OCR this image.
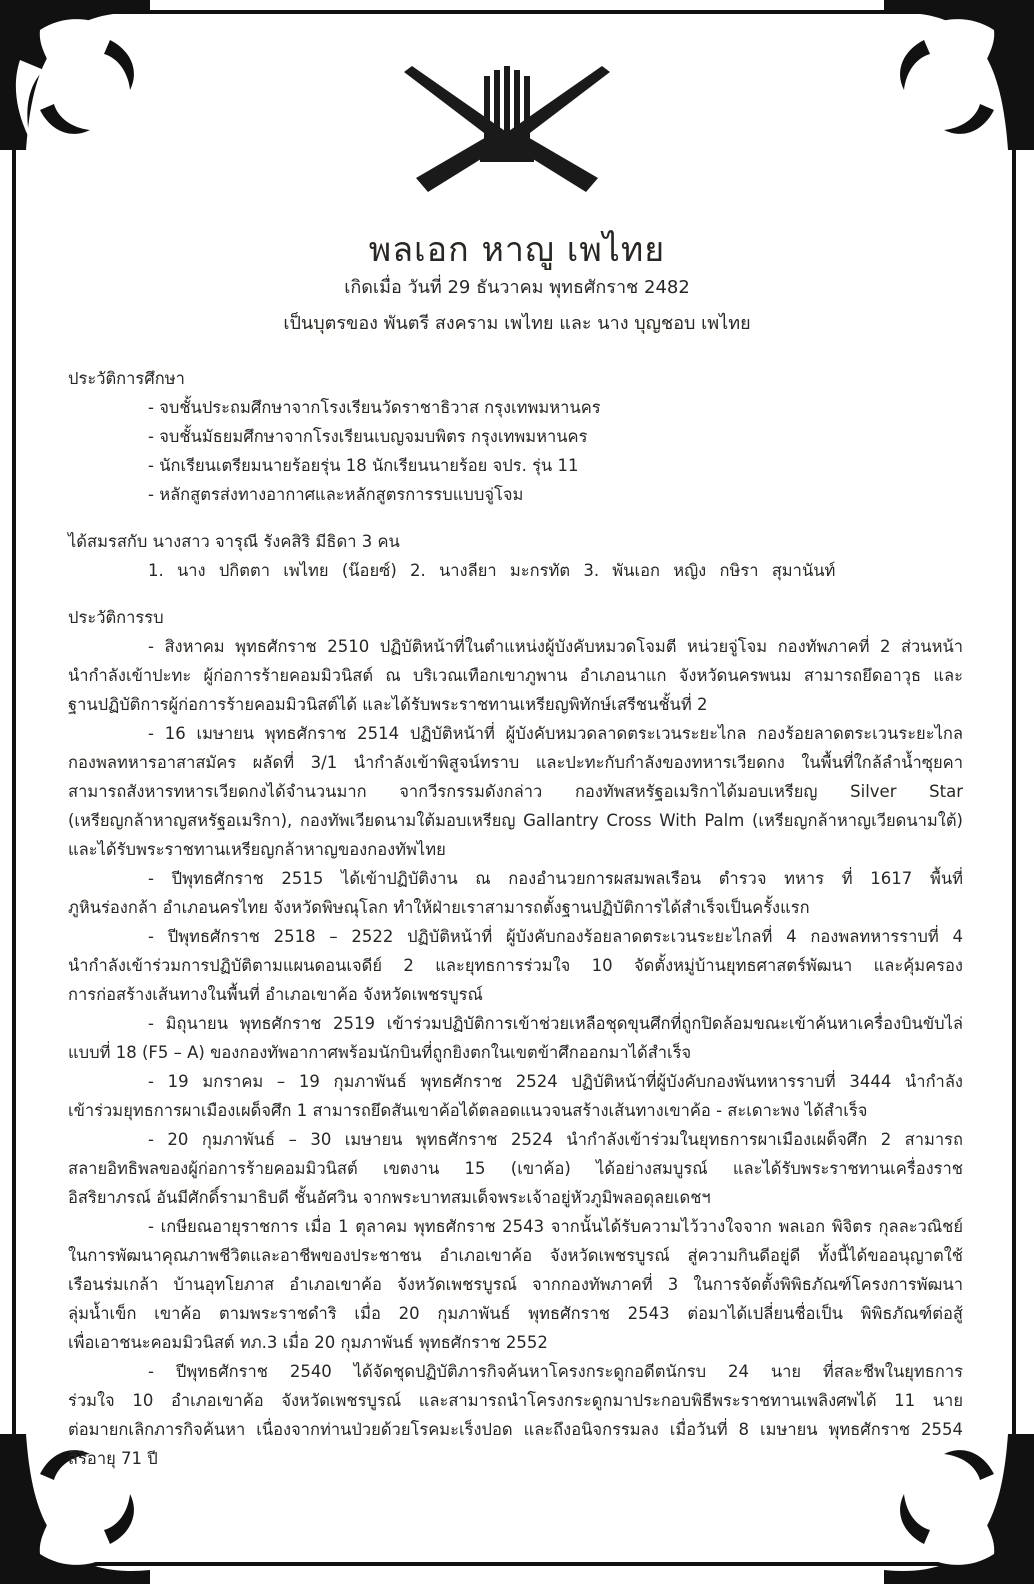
พลเอก หาญู เพไทย
เกิดเมื่อ วันที่ 29 ธันวาคม พุทธศักราช 2482
เป็นบุตรของ พันตรี สงคราม เพไทย และ นาง บุญชอบ เพไทย
ประวัติการศึกษา
- จบชั้นประถมศึกษาจากโรงเรียนวัดราชาธิวาส กรุงเทพมหานคร
- จบชั้นมัธยมศึกษาจากโรงเรียนเบญจมบพิตร กรุงเทพมหานคร
- นักเรียนเตรียมนายร้อยรุ่น 18 นักเรียนนายร้อย จปร. รุ่น 11
- หลักสูตรส่งทางอากาศและหลักสูตรการรบแบบจู่โจม
ได้สมรสกับ นางสาว จารุณี รังคสิริ มีธิดา 3 คน
1. นาง ปกิตตา เพไทย (น๊อยซ์) 2. นางลียา มะกรทัต 3. พันเอก หญิง กษิรา สุมานันท์
ประวัติการรบ
- สิงหาคม พุทธศักราช 2510 ปฏิบัติหน้าที่ในตำแหน่งผู้บังคับหมวดโจมตี หน่วยจู่โจม กองทัพภาคที่ 2 ส่วนหน้า
นำกำลังเข้าปะทะ ผู้ก่อการร้ายคอมมิวนิสต์ ณ บริเวณเทือกเขาภูพาน อำเภอนาแก จังหวัดนครพนม สามารถยึดอาวุธ และ
ฐานปฏิบัติการผู้ก่อการร้ายคอมมิวนิสต์ได้ และได้รับพระราชทานเหรียญพิทักษ์เสรีชนชั้นที่ 2
- 16 เมษายน พุทธศักราช 2514 ปฏิบัติหน้าที่ ผู้บังคับหมวดลาดตระเวนระยะไกล กองร้อยลาดตระเวนระยะไกล
กองพลทหารอาสาสมัคร ผลัดที่ 3/1 นำกำลังเข้าพิสูจน์ทราบ และปะทะกับกำลังของทหารเวียดกง ในพื้นที่ใกล้ลำน้ำซุยคา
สามารถสังหารทหารเวียดกงได้จำนวนมาก จากวีรกรรมดังกล่าว กองทัพสหรัฐอเมริกาได้มอบเหรียญ Silver Star
(เหรียญกล้าหาญสหรัฐอเมริกา), กองทัพเวียดนามใต้มอบเหรียญ Gallantry Cross With Palm (เหรียญกล้าหาญเวียดนามใต้)
และได้รับพระราชทานเหรียญกล้าหาญของกองทัพไทย
- ปีพุทธศักราช 2515 ได้เข้าปฏิบัติงาน ณ กองอำนวยการผสมพลเรือน ตำรวจ ทหาร ที่ 1617 พื้นที่
ภูหินร่องกล้า อำเภอนครไทย จังหวัดพิษณุโลก ทำให้ฝ่ายเราสามารถตั้งฐานปฏิบัติการได้สำเร็จเป็นครั้งแรก
- ปีพุทธศักราช 2518 – 2522 ปฏิบัติหน้าที่ ผู้บังคับกองร้อยลาดตระเวนระยะไกลที่ 4 กองพลทหารราบที่ 4
นำกำลังเข้าร่วมการปฏิบัติตามแผนดอนเจดีย์ 2 และยุทธการร่วมใจ 10 จัดตั้งหมู่บ้านยุทธศาสตร์พัฒนา และคุ้มครอง
การก่อสร้างเส้นทางในพื้นที่ อำเภอเขาค้อ จังหวัดเพชรบูรณ์
- มิถุนายน พุทธศักราช 2519 เข้าร่วมปฏิบัติการเข้าช่วยเหลือชุดขุนศึกที่ถูกปิดล้อมขณะเข้าค้นหาเครื่องบินขับไล่
แบบที่ 18 (F5 – A) ของกองทัพอากาศพร้อมนักบินที่ถูกยิงตกในเขตข้าศึกออกมาได้สำเร็จ
- 19 มกราคม – 19 กุมภาพันธ์ พุทธศักราช 2524 ปฏิบัติหน้าที่ผู้บังคับกองพันทหารราบที่ 3444 นำกำลัง
เข้าร่วมยุทธการผาเมืองเผด็จศึก 1 สามารถยึดสันเขาค้อได้ตลอดแนวจนสร้างเส้นทางเขาค้อ - สะเดาะพง ได้สำเร็จ
- 20 กุมภาพันธ์ – 30 เมษายน พุทธศักราช 2524 นำกำลังเข้าร่วมในยุทธการผาเมืองเผด็จศึก 2 สามารถ
สลายอิทธิพลของผู้ก่อการร้ายคอมมิวนิสต์ เขตงาน 15 (เขาค้อ) ได้อย่างสมบูรณ์ และได้รับพระราชทานเครื่องราช
อิสริยาภรณ์ อันมีศักดิ์รามาธิบดี ชั้นอัศวิน จากพระบาทสมเด็จพระเจ้าอยู่หัวภูมิพลอดุลยเดชฯ
- เกษียณอายุราชการ เมื่อ 1 ตุลาคม พุทธศักราช 2543 จากนั้นได้รับความไว้วางใจจาก พลเอก พิจิตร กุลละวณิชย์
ในการพัฒนาคุณภาพชีวิตและอาชีพของประชาชน อำเภอเขาค้อ จังหวัดเพชรบูรณ์ สู่ความกินดีอยู่ดี ทั้งนี้ได้ขออนุญาตใช้
เรือนร่มเกล้า บ้านอุทโยภาส อำเภอเขาค้อ จังหวัดเพชรบูรณ์ จากกองทัพภาคที่ 3 ในการจัดตั้งพิพิธภัณฑ์โครงการพัฒนา
ลุ่มน้ำเข็ก เขาค้อ ตามพระราชดำริ เมื่อ 20 กุมภาพันธ์ พุทธศักราช 2543 ต่อมาได้เปลี่ยนชื่อเป็น พิพิธภัณฑ์ต่อสู้
เพื่อเอาชนะคอมมิวนิสต์ ทภ.3 เมื่อ 20 กุมภาพันธ์ พุทธศักราช 2552
- ปีพุทธศักราช 2540 ได้จัดชุดปฏิบัติภารกิจค้นหาโครงกระดูกอดีตนักรบ 24 นาย ที่สละชีพในยุทธการ
ร่วมใจ 10 อำเภอเขาค้อ จังหวัดเพชรบูรณ์ และสามารถนำโครงกระดูกมาประกอบพิธีพระราชทานเพลิงศพได้ 11 นาย
ต่อมายกเลิกภารกิจค้นหา เนื่องจากท่านป่วยด้วยโรคมะเร็งปอด และถึงอนิจกรรมลง เมื่อวันที่ 8 เมษายน พุทธศักราช 2554
สิริอายุ 71 ปี
